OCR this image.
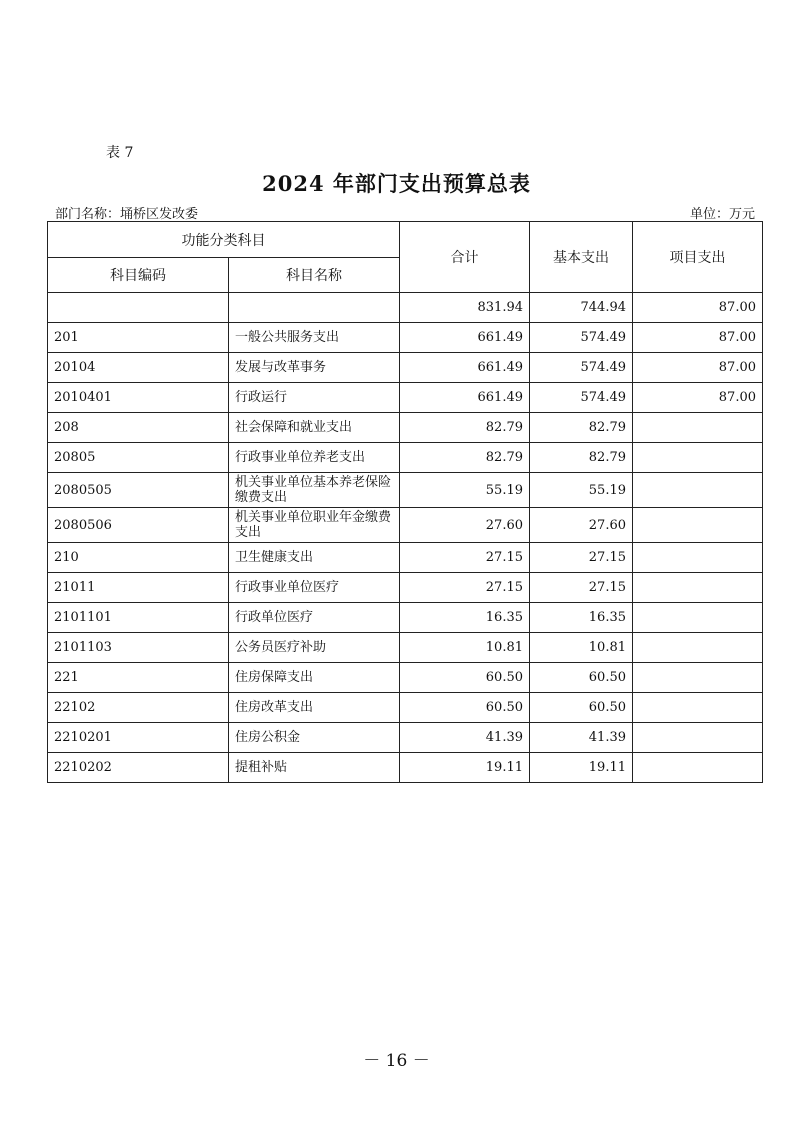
表 7
2024 年部门支出预算总表
部门名称：埇桥区发改委	单位：万元
功能分类科目		合计	基本支出	项目支出
科目编码	科目名称			
		831.94	744.94	87.00
201	一般公共服务支出	661.49	574.49	87.00
20104	发展与改革事务	661.49	574.49	87.00
2010401	行政运行	661.49	574.49	87.00
208	社会保障和就业支出	82.79	82.79	
20805	行政事业单位养老支出	82.79	82.79	
2080505	机关事业单位基本养老保险缴费支出	55.19	55.19	
2080506	机关事业单位职业年金缴费支出	27.60	27.60	
210	卫生健康支出	27.15	27.15	
21011	行政事业单位医疗	27.15	27.15	
2101101	行政单位医疗	16.35	16.35	
2101103	公务员医疗补助	10.81	10.81	
221	住房保障支出	60.50	60.50	
22102	住房改革支出	60.50	60.50	
2210201	住房公积金	41.39	41.39	
2210202	提租补贴	19.11	19.11	
－ 16 －
